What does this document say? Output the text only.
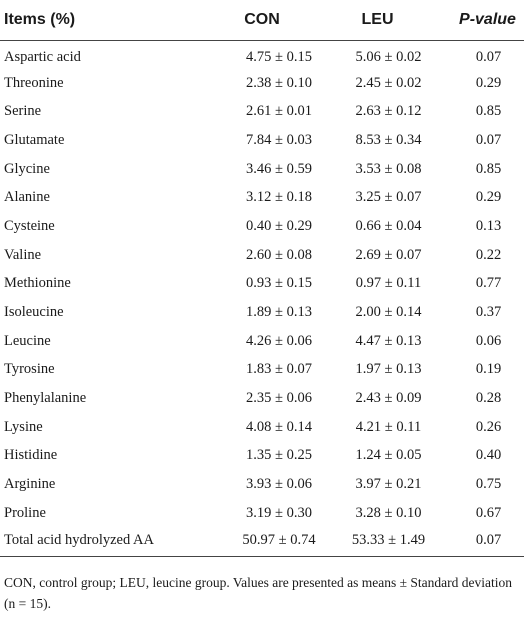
Items (%)	CON	LEU	P-value
Aspartic acid	4.75 ± 0.15	5.06 ± 0.02	0.07
Threonine	2.38 ± 0.10	2.45 ± 0.02	0.29
Serine	2.61 ± 0.01	2.63 ± 0.12	0.85
Glutamate	7.84 ± 0.03	8.53 ± 0.34	0.07
Glycine	3.46 ± 0.59	3.53 ± 0.08	0.85
Alanine	3.12 ± 0.18	3.25 ± 0.07	0.29
Cysteine	0.40 ± 0.29	0.66 ± 0.04	0.13
Valine	2.60 ± 0.08	2.69 ± 0.07	0.22
Methionine	0.93 ± 0.15	0.97 ± 0.11	0.77
Isoleucine	1.89 ± 0.13	2.00 ± 0.14	0.37
Leucine	4.26 ± 0.06	4.47 ± 0.13	0.06
Tyrosine	1.83 ± 0.07	1.97 ± 0.13	0.19
Phenylalanine	2.35 ± 0.06	2.43 ± 0.09	0.28
Lysine	4.08 ± 0.14	4.21 ± 0.11	0.26
Histidine	1.35 ± 0.25	1.24 ± 0.05	0.40
Arginine	3.93 ± 0.06	3.97 ± 0.21	0.75
Proline	3.19 ± 0.30	3.28 ± 0.10	0.67
Total acid hydrolyzed AA	50.97 ± 0.74	53.33 ± 1.49	0.07
CON, control group; LEU, leucine group. Values are presented as means ± Standard deviation (n = 15).
